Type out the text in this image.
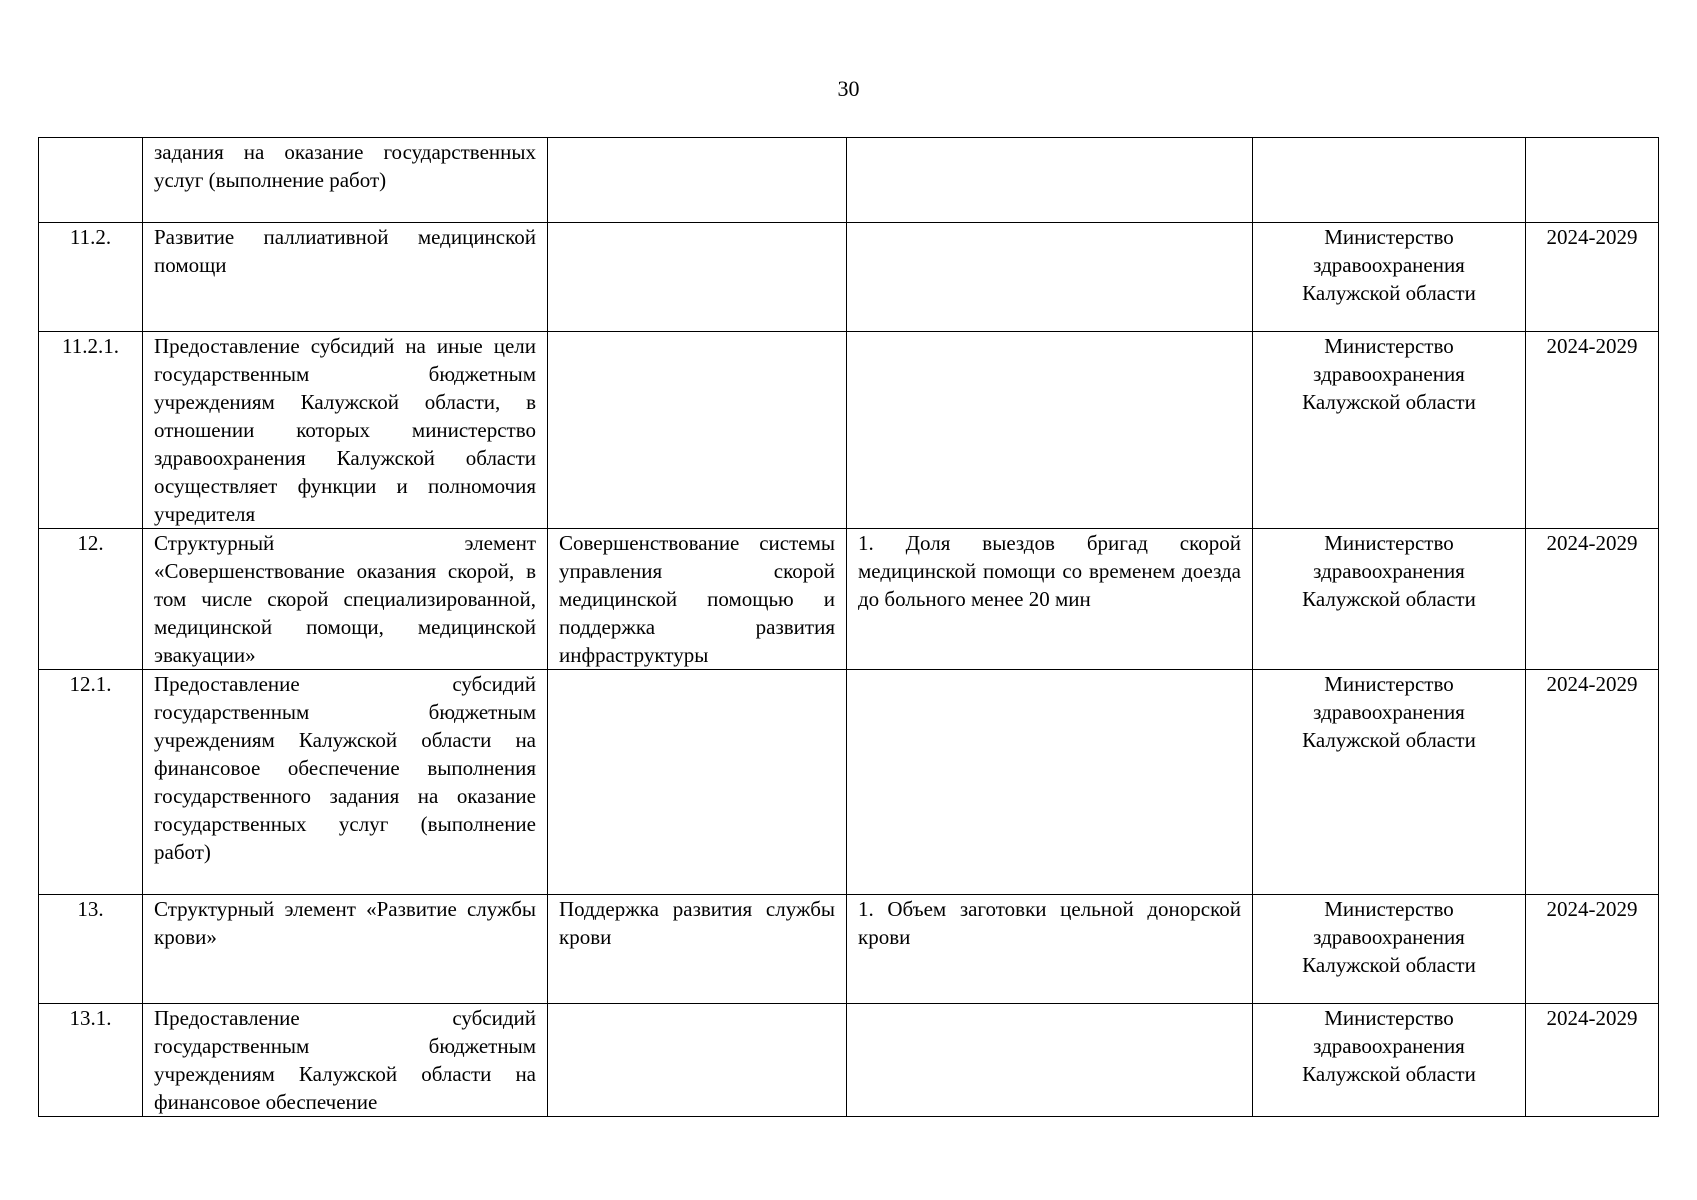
30
	задания на оказание государственных услуг (выполнение работ)				
11.2.	Развитие паллиативной медицинской помощи			Министерство здравоохранения Калужской области	2024-2029
11.2.1.	Предоставление субсидий на иные цели государственным бюджетным учреждениям Калужской области, в отношении которых министерство здравоохранения Калужской области осуществляет функции и полномочия учредителя			Министерство здравоохранения Калужской области	2024-2029
12.	Структурный элемент «Совершенствование оказания скорой, в том числе скорой специализированной, медицинской помощи, медицинской эвакуации»	Совершенствование системы управления скорой медицинской помощью и поддержка развития инфраструктуры	1. Доля выездов бригад скорой медицинской помощи со временем доезда до больного менее 20 мин	Министерство здравоохранения Калужской области	2024-2029
12.1.	Предоставление субсидий государственным бюджетным учреждениям Калужской области на финансовое обеспечение выполнения государственного задания на оказание государственных услуг (выполнение работ)			Министерство здравоохранения Калужской области	2024-2029
13.	Структурный элемент «Развитие службы крови»	Поддержка развития службы крови	1. Объем заготовки цельной донорской крови	Министерство здравоохранения Калужской области	2024-2029
13.1.	Предоставление субсидий государственным бюджетным учреждениям Калужской области на финансовое обеспечение			Министерство здравоохранения Калужской области	2024-2029
